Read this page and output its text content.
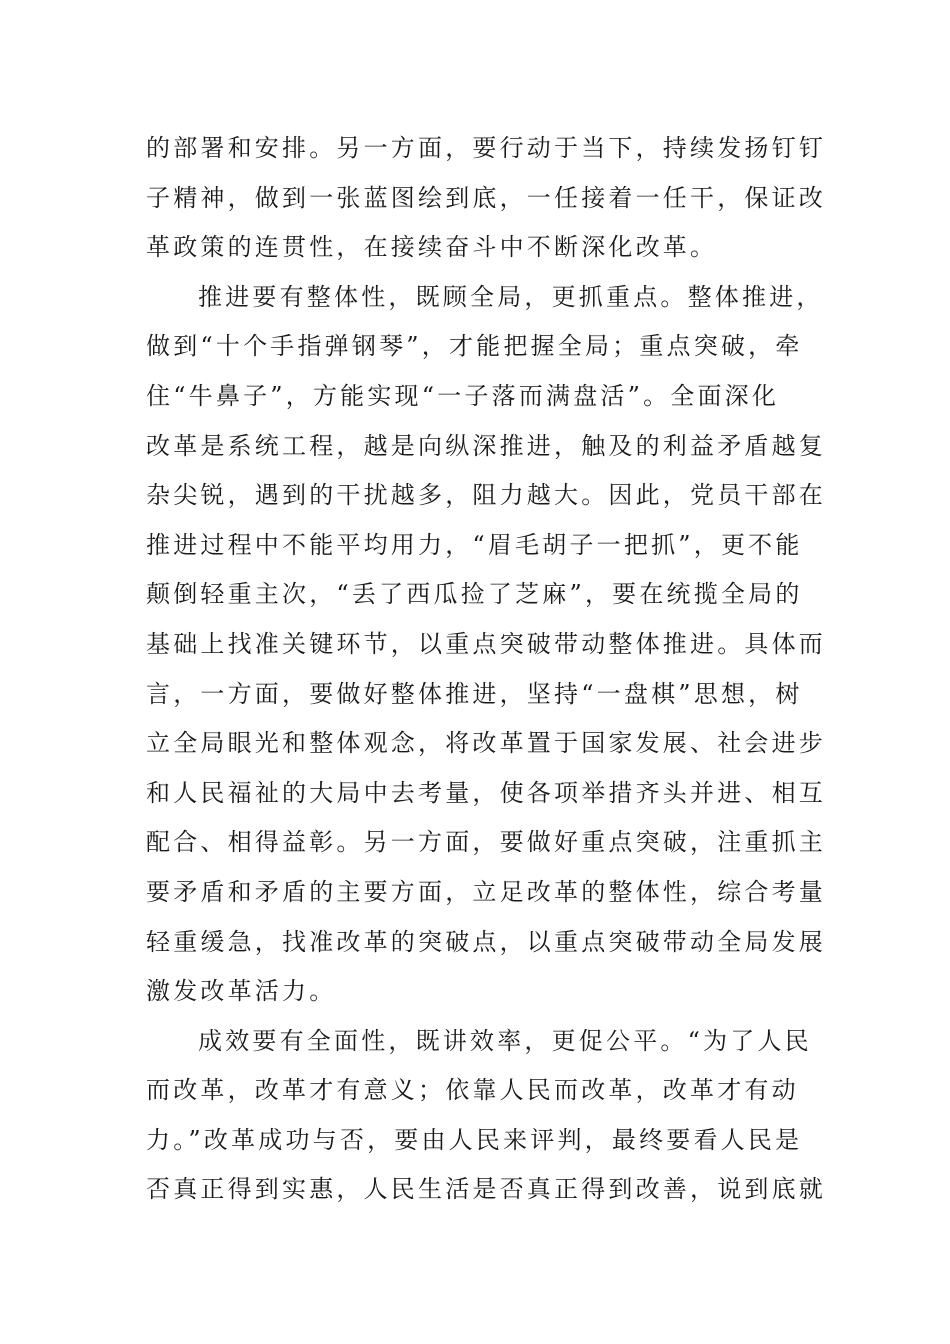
的部署和安排。另一方面，要行动于当下，持续发扬钉钉
子精神，做到一张蓝图绘到底，一任接着一任干，保证改
革政策的连贯性，在接续奋斗中不断深化改革。
推进要有整体性，既顾全局，更抓重点。整体推进，
做到“十个手指弹钢琴”，才能把握全局；重点突破，牵
住“牛鼻子”，方能实现“一子落而满盘活”。全面深化
改革是系统工程，越是向纵深推进，触及的利益矛盾越复
杂尖锐，遇到的干扰越多，阻力越大。因此，党员干部在
推进过程中不能平均用力，“眉毛胡子一把抓”，更不能
颠倒轻重主次，“丢了西瓜捡了芝麻”，要在统揽全局的
基础上找准关键环节，以重点突破带动整体推进。具体而
言，一方面，要做好整体推进，坚持“一盘棋”思想，树
立全局眼光和整体观念，将改革置于国家发展、社会进步
和人民福祉的大局中去考量，使各项举措齐头并进、相互
配合、相得益彰。另一方面，要做好重点突破，注重抓主
要矛盾和矛盾的主要方面，立足改革的整体性，综合考量
轻重缓急，找准改革的突破点，以重点突破带动全局发展
激发改革活力。
成效要有全面性，既讲效率，更促公平。“为了人民
而改革，改革才有意义；依靠人民而改革，改革才有动
力。”改革成功与否，要由人民来评判，最终要看人民是
否真正得到实惠，人民生活是否真正得到改善，说到底就
